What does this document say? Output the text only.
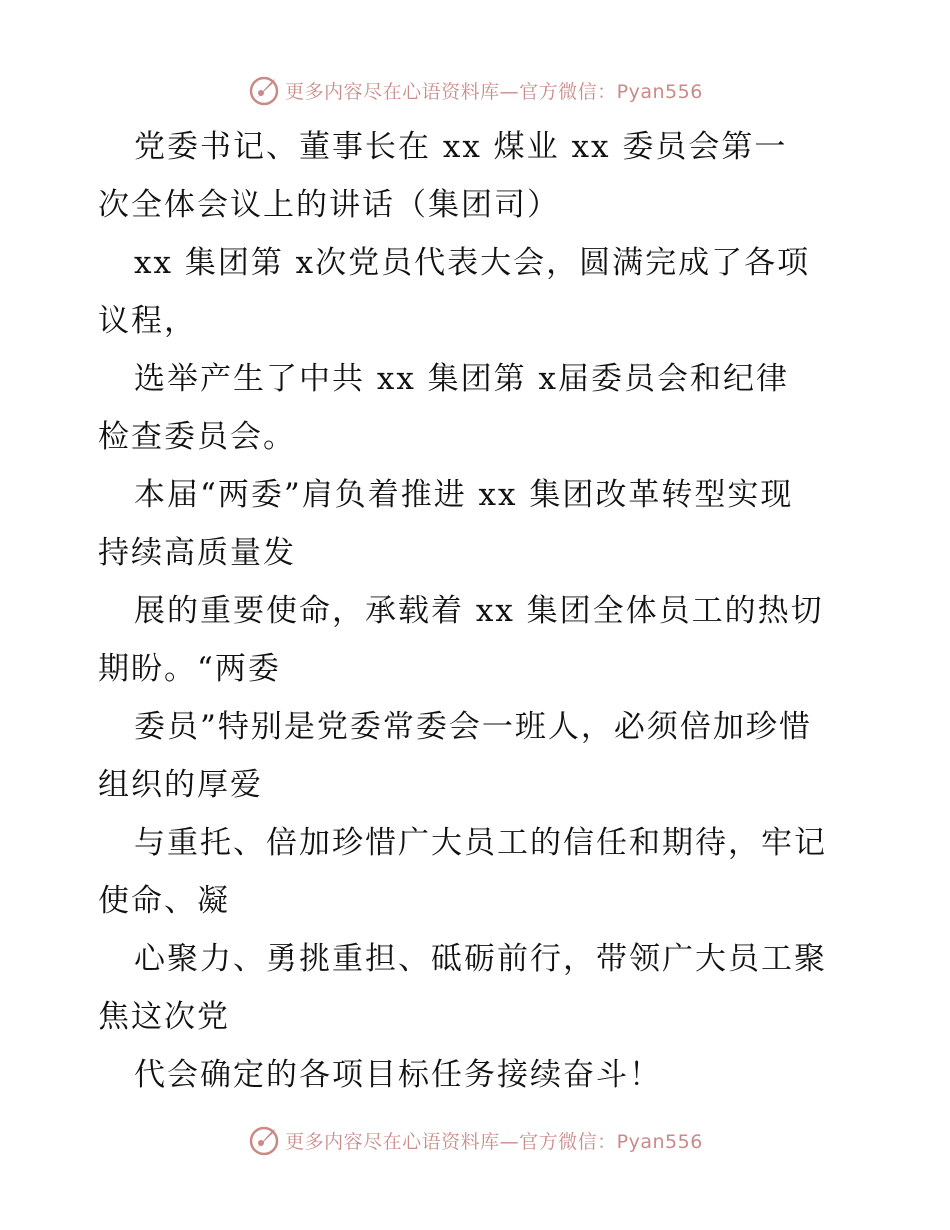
更多内容尽在心语资料库—官方微信：Pyan556

党委书记、董事长在 xx 煤业 xx 委员会第一

次全体会议上的讲话（集团司）

xx 集团第 x次党员代表大会，圆满完成了各项

议程，

选举产生了中共 xx 集团第 x届委员会和纪律

检查委员会。

本届“两委”肩负着推进 xx 集团改革转型实现

持续高质量发

展的重要使命，承载着 xx 集团全体员工的热切

期盼。“两委

委员”特别是党委常委会一班人，必须倍加珍惜

组织的厚爱

与重托、倍加珍惜广大员工的信任和期待，牢记

使命、凝

心聚力、勇挑重担、砥砺前行，带领广大员工聚

焦这次党

代会确定的各项目标任务接续奋斗！

更多内容尽在心语资料库—官方微信：Pyan556
